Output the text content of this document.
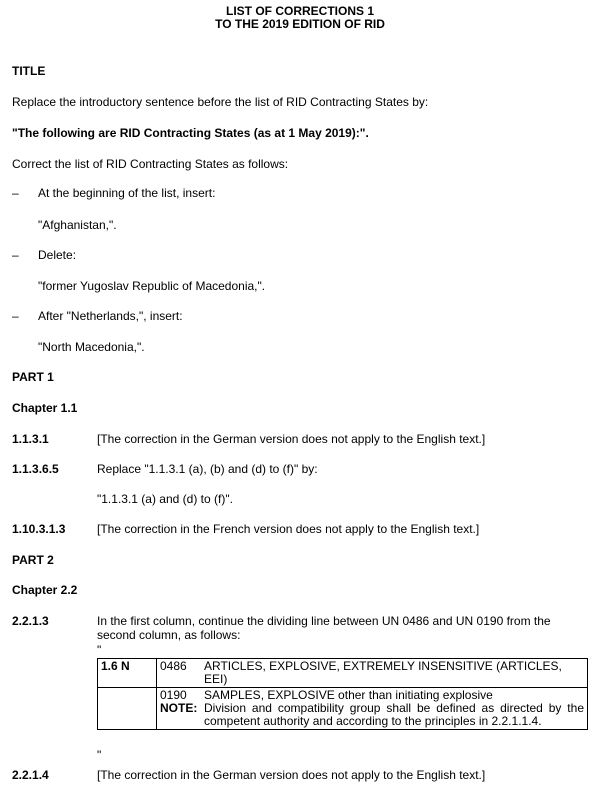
LIST OF CORRECTIONS 1
TO THE 2019 EDITION OF RID
TITLE
Replace the introductory sentence before the list of RID Contracting States by:
"The following are RID Contracting States (as at 1 May 2019):".
Correct the list of RID Contracting States as follows:
– At the beginning of the list, insert:
"Afghanistan,".
– Delete:
"former Yugoslav Republic of Macedonia,".
– After "Netherlands,", insert:
"North Macedonia,".
PART 1
Chapter 1.1
1.1.3.1	[The correction in the German version does not apply to the English text.]
1.1.3.6.5	Replace "1.1.3.1 (a), (b) and (d) to (f)" by:
"1.1.3.1 (a) and (d) to (f)".
1.10.3.1.3	[The correction in the French version does not apply to the English text.]
PART 2
Chapter 2.2
2.2.1.3	In the first column, continue the dividing line between UN 0486 and UN 0190 from the
second column, as follows:
"
1.6 N	0486 ARTICLES, EXPLOSIVE, EXTREMELY INSENSITIVE (ARTICLES, EEI)

	0190 SAMPLES, EXPLOSIVE other than initiating explosive
NOTE: Division and compatibility group shall be defined as directed by the competent authority and according to the principles in 2.2.1.1.4.
"
2.2.1.4	[The correction in the German version does not apply to the English text.]
